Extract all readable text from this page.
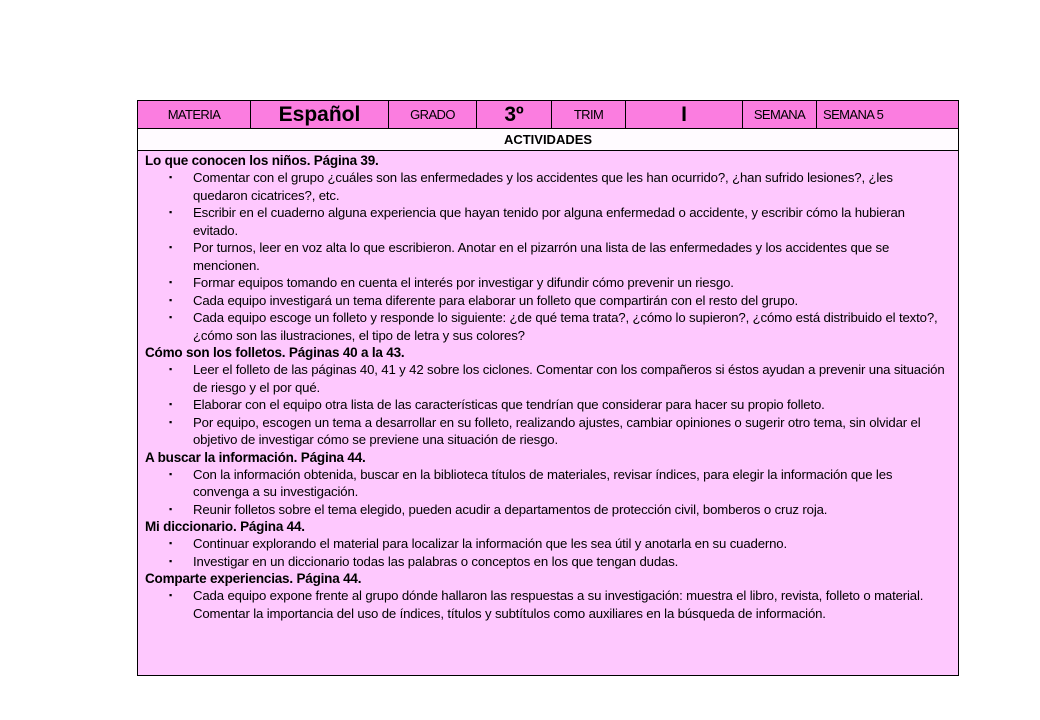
MATERIA	Español	GRADO	3º	TRIM	I	SEMANA	SEMANA 5
ACTIVIDADES
Lo que conocen los niños. Página 39.
▪ Comentar con el grupo ¿cuáles son las enfermedades y los accidentes que les han ocurrido?, ¿han sufrido lesiones?, ¿les quedaron cicatrices?, etc.
▪ Escribir en el cuaderno alguna experiencia que hayan tenido por alguna enfermedad o accidente, y escribir cómo la hubieran evitado.
▪ Por turnos, leer en voz alta lo que escribieron. Anotar en el pizarrón una lista de las enfermedades y los accidentes que se mencionen.
▪ Formar equipos tomando en cuenta el interés por investigar y difundir cómo prevenir un riesgo.
▪ Cada equipo investigará un tema diferente para elaborar un folleto que compartirán con el resto del grupo.
▪ Cada equipo escoge un folleto y responde lo siguiente: ¿de qué tema trata?, ¿cómo lo supieron?, ¿cómo está distribuido el texto?, ¿cómo son las ilustraciones, el tipo de letra y sus colores?
Cómo son los folletos. Páginas 40 a la 43.
▪ Leer el folleto de las páginas 40, 41 y 42 sobre los ciclones. Comentar con los compañeros si éstos ayudan a prevenir una situación de riesgo y el por qué.
▪ Elaborar con el equipo otra lista de las características que tendrían que considerar para hacer su propio folleto.
▪ Por equipo, escogen un tema a desarrollar en su folleto, realizando ajustes, cambiar opiniones o sugerir otro tema, sin olvidar el objetivo de investigar cómo se previene una situación de riesgo.
A buscar la información. Página 44.
▪ Con la información obtenida, buscar en la biblioteca títulos de materiales, revisar índices, para elegir la información que les convenga a su investigación.
▪ Reunir folletos sobre el tema elegido, pueden acudir a departamentos de protección civil, bomberos o cruz roja.
Mi diccionario. Página 44.
▪ Continuar explorando el material para localizar la información que les sea útil y anotarla en su cuaderno.
▪ Investigar en un diccionario todas las palabras o conceptos en los que tengan dudas.
Comparte experiencias. Página 44.
▪ Cada equipo expone frente al grupo dónde hallaron las respuestas a su investigación: muestra el libro, revista, folleto o material. Comentar la importancia del uso de índices, títulos y subtítulos como auxiliares en la búsqueda de información.
